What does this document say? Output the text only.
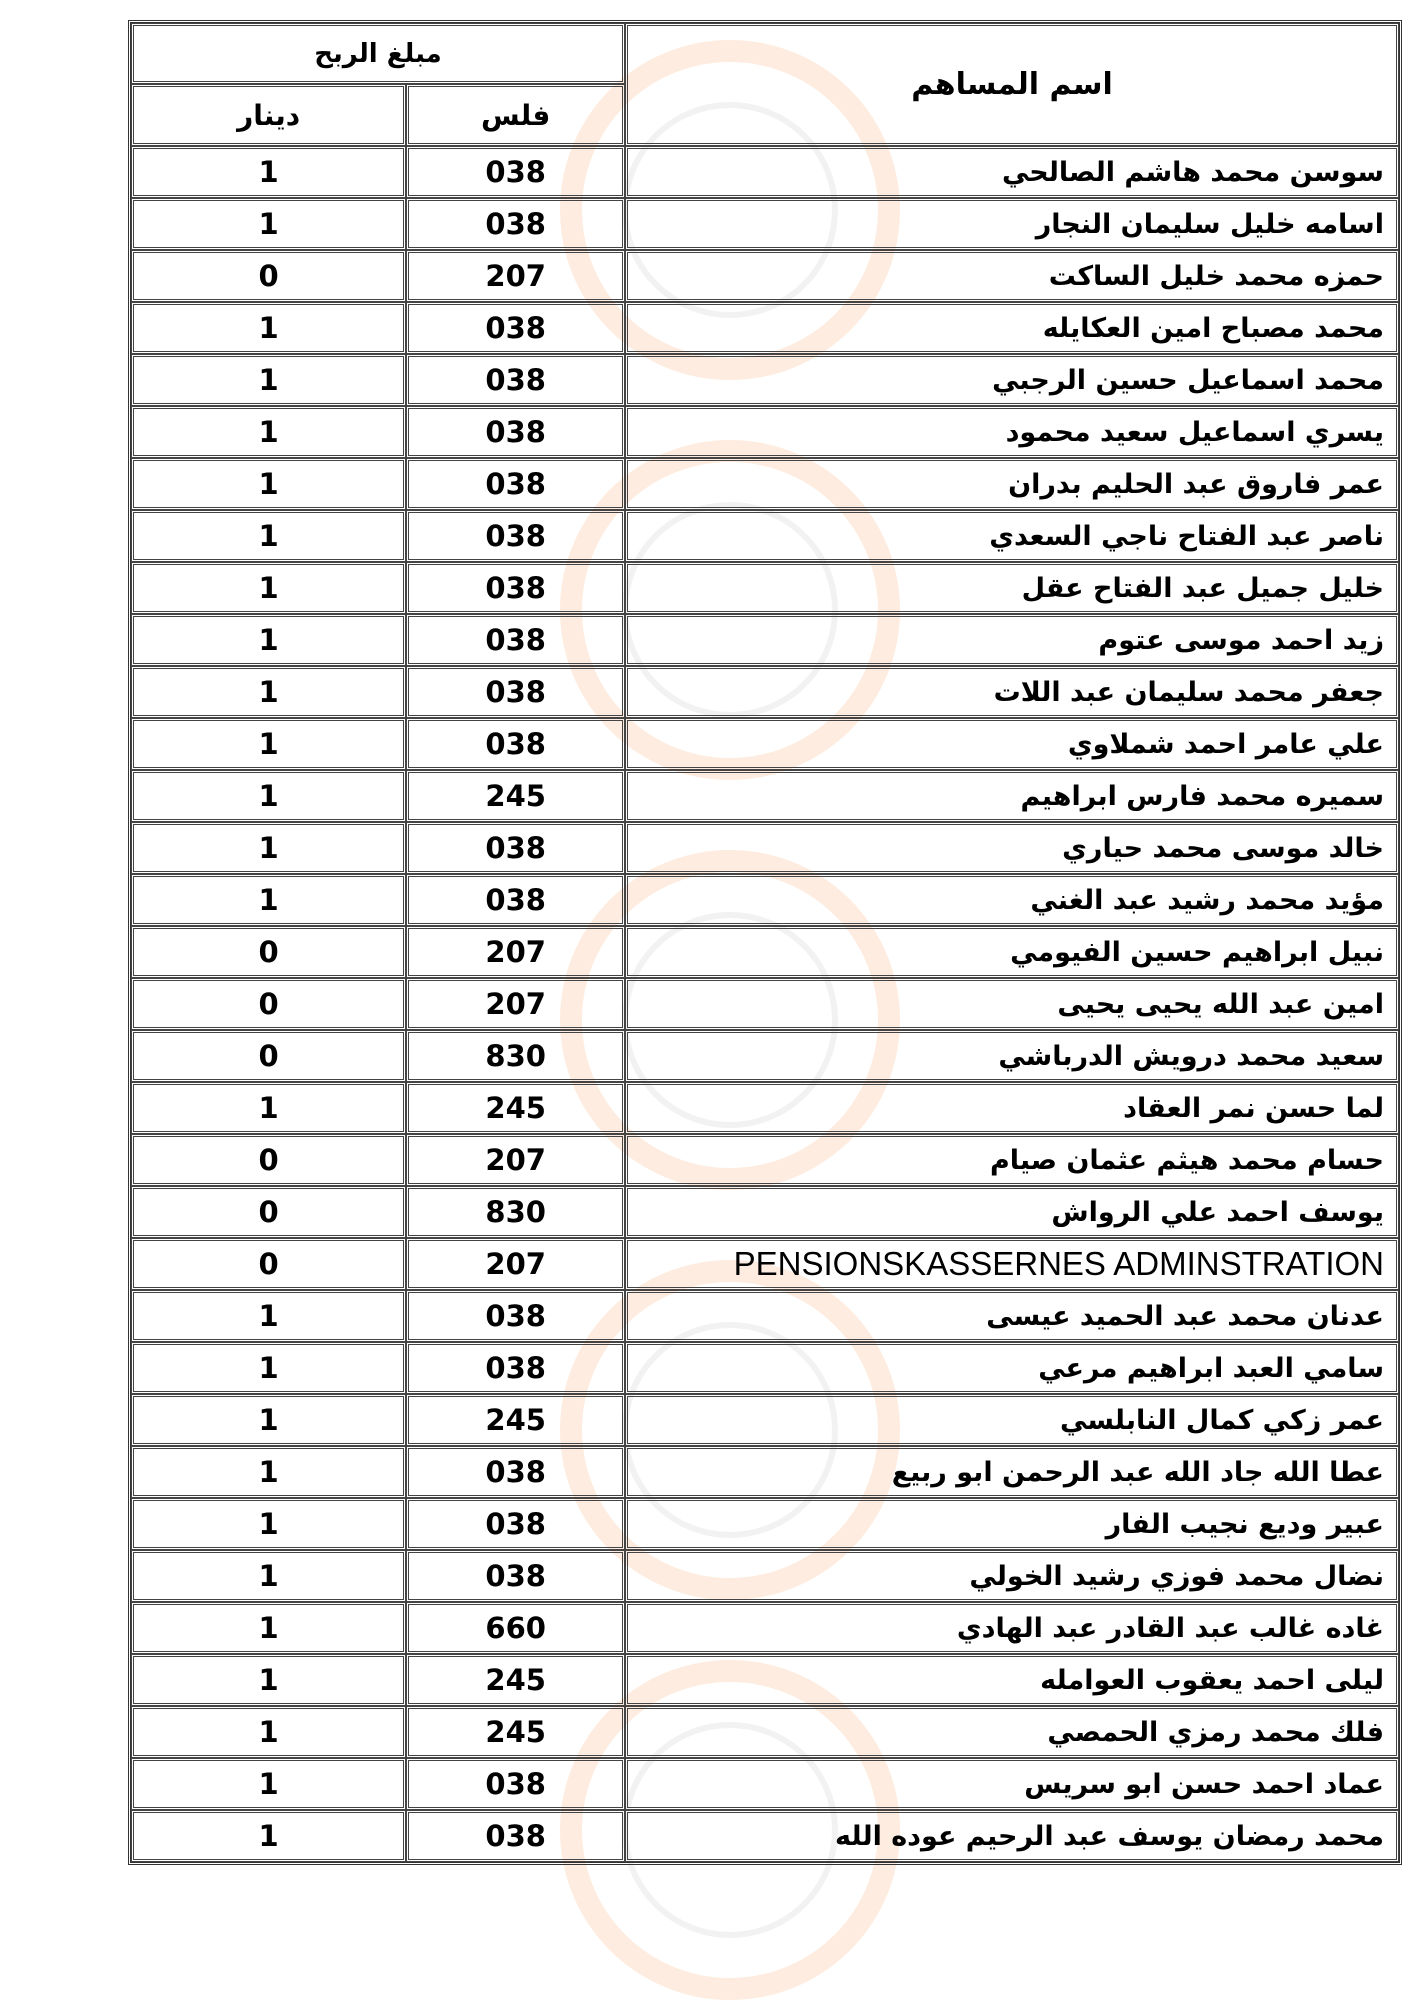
مبلغ الربح		اسم المساهم
دينار	فلس	
1	038	سوسن محمد هاشم الصالحي
1	038	اسامه خليل سليمان النجار
0	207	حمزه محمد خليل الساكت
1	038	محمد مصباح امين العكايله
1	038	محمد اسماعيل حسين الرجبي
1	038	يسري اسماعيل سعيد محمود
1	038	عمر فاروق عبد الحليم بدران
1	038	ناصر عبد الفتاح ناجي السعدي
1	038	خليل جميل عبد الفتاح عقل
1	038	زيد احمد موسى عتوم
1	038	جعفر محمد سليمان عبد اللات
1	038	علي عامر احمد شملاوي
1	245	سميره محمد فارس ابراهيم
1	038	خالد موسى محمد حياري
1	038	مؤيد محمد رشيد عبد الغني
0	207	نبيل ابراهيم حسين الفيومي
0	207	امين عبد الله يحيى يحيى
0	830	سعيد محمد درويش الدرباشي
1	245	لما حسن نمر العقاد
0	207	حسام محمد هيثم عثمان صيام
0	830	يوسف احمد علي الرواش
0	207	PENSIONSKASSERNES ADMINSTRATION
1	038	عدنان محمد عبد الحميد عيسى
1	038	سامي العبد ابراهيم مرعي
1	245	عمر زكي كمال النابلسي
1	038	عطا الله جاد الله عبد الرحمن ابو ربيع
1	038	عبير وديع نجيب الفار
1	038	نضال محمد فوزي رشيد الخولي
1	660	غاده غالب عبد القادر عبد الهادي
1	245	ليلى احمد يعقوب العوامله
1	245	فلك محمد رمزي الحمصي
1	038	عماد احمد حسن ابو سريس
1	038	محمد رمضان يوسف عبد الرحيم عوده الله
